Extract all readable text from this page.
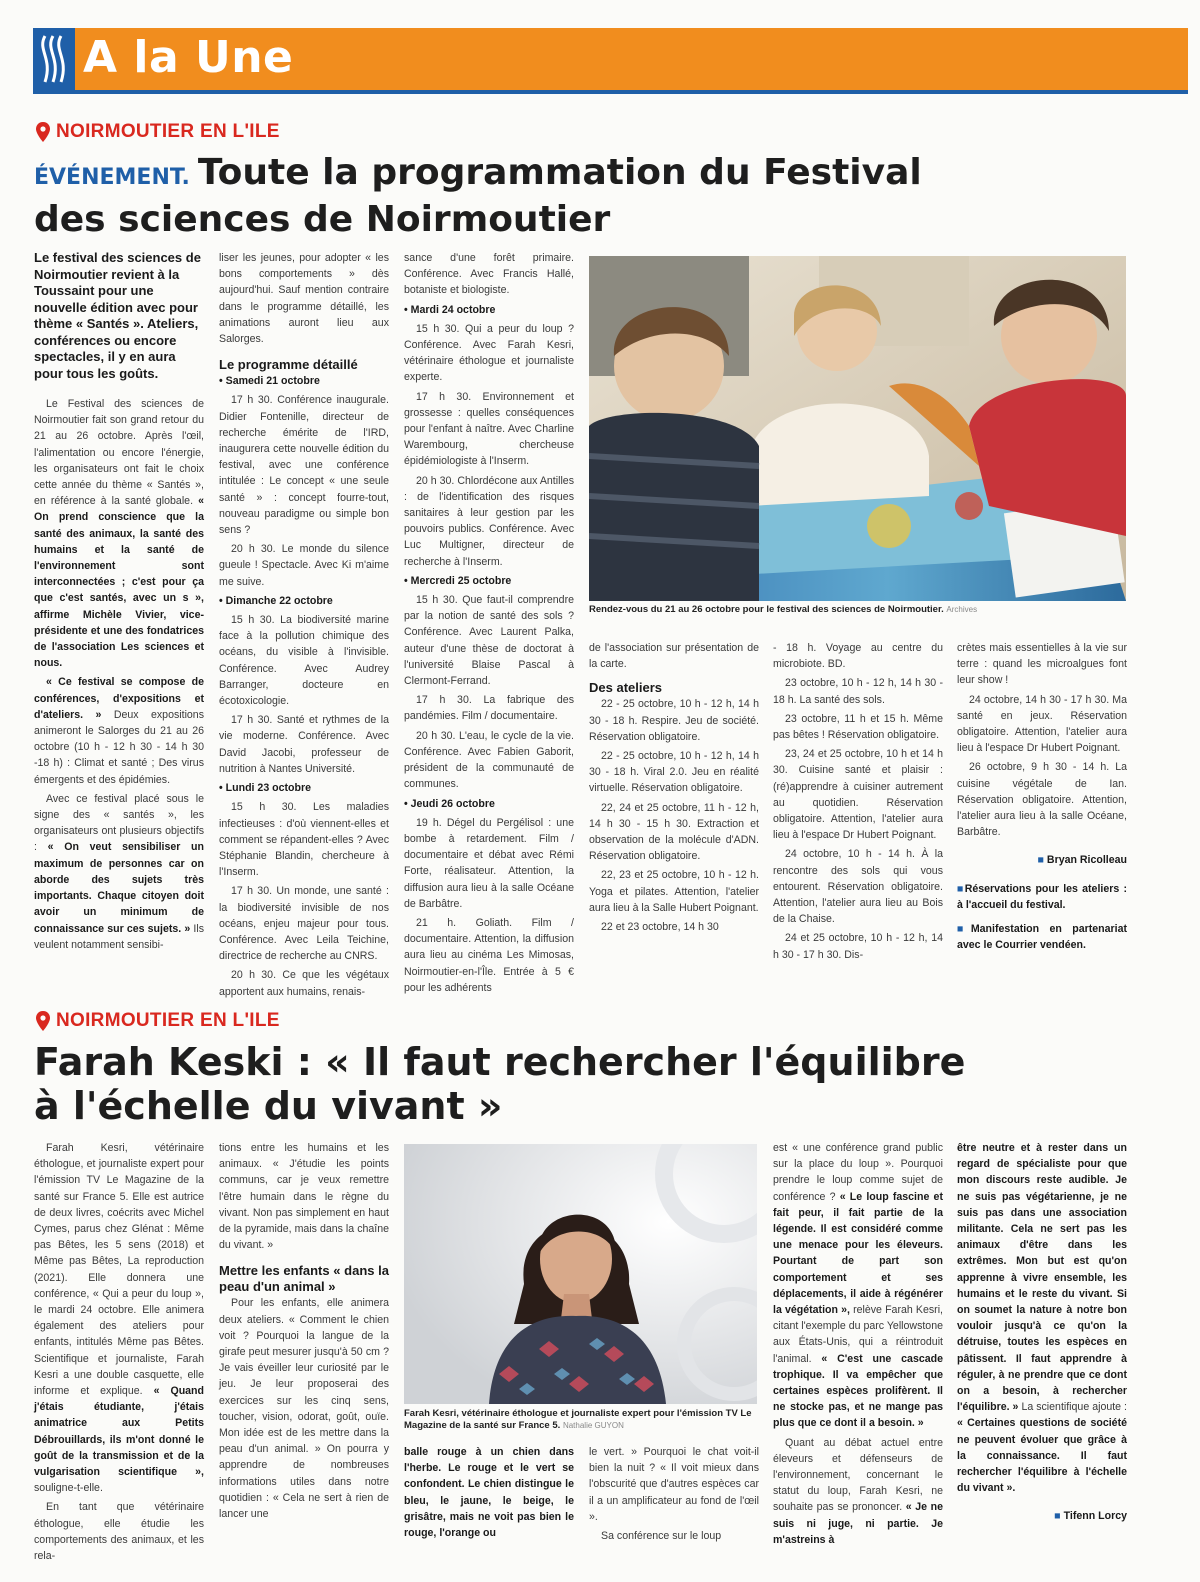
A la Une
NOIRMOUTIER EN L'ILE
ÉVÉNEMENT. Toute la programmation du Festival
des sciences de Noirmoutier

Le festival des sciences de Noirmoutier revient à la Toussaint pour une nouvelle édition avec pour thème « Santés ». Ateliers, conférences ou encore spectacles, il y en aura pour tous les goûts.

Le Festival des sciences de Noirmoutier fait son grand retour du 21 au 26 octobre. Après l'œil, l'alimentation ou encore l'énergie, les organisateurs ont fait le choix cette année du thème « Santés », en référence à la santé globale. « On prend conscience que la santé des animaux, la santé des humains et la santé de l'environnement sont interconnectées ; c'est pour ça que c'est santés, avec un s », affirme Michèle Vivier, vice-présidente et une des fondatrices de l'association Les sciences et nous.

« Ce festival se compose de conférences, d'expositions et d'ateliers. » Deux expositions animeront le Salorges du 21 au 26 octobre (10 h - 12 h 30 - 14 h 30 -18 h) : Climat et santé ; Des virus émergents et des épidémies.

Avec ce festival placé sous le signe des « santés », les organisateurs ont plusieurs objectifs : « On veut sensibiliser un maximum de personnes car on aborde des sujets très importants. Chaque citoyen doit avoir un minimum de connaissance sur ces sujets. » Ils veulent notamment sensibi-

liser les jeunes, pour adopter « les bons comportements » dès aujourd'hui. Sauf mention contraire dans le programme détaillé, les animations auront lieu aux Salorges.

Le programme détaillé

• Samedi 21 octobre

17 h 30. Conférence inaugurale. Didier Fontenille, directeur de recherche émérite de l'IRD, inaugurera cette nouvelle édition du festival, avec une conférence intitulée : Le concept « une seule santé » : concept fourre-tout, nouveau paradigme ou simple bon sens ?

20 h 30. Le monde du silence gueule ! Spectacle. Avec Ki m'aime me suive.

• Dimanche 22 octobre

15 h 30. La biodiversité marine face à la pollution chimique des océans, du visible à l'invisible. Conférence. Avec Audrey Barranger, docteure en écotoxicologie.

17 h 30. Santé et rythmes de la vie moderne. Conférence. Avec David Jacobi, professeur de nutrition à Nantes Université.

• Lundi 23 octobre

15 h 30. Les maladies infectieuses : d'où viennent-elles et comment se répandent-elles ? Avec Stéphanie Blandin, chercheure à l'Inserm.

17 h 30. Un monde, une santé : la biodiversité invisible de nos océans, enjeu majeur pour tous. Conférence. Avec Leila Teichine, directrice de recherche au CNRS.

20 h 30. Ce que les végétaux apportent aux humains, renais-

sance d'une forêt primaire. Conférence. Avec Francis Hallé, botaniste et biologiste.

• Mardi 24 octobre

15 h 30. Qui a peur du loup ? Conférence. Avec Farah Kesri, vétérinaire éthologue et journaliste experte.

17 h 30. Environnement et grossesse : quelles conséquences pour l'enfant à naître. Avec Charline Warembourg, chercheuse épidémiologiste à l'Inserm.

20 h 30. Chlordécone aux Antilles : de l'identification des risques sanitaires à leur gestion par les pouvoirs publics. Conférence. Avec Luc Multigner, directeur de recherche à l'Inserm.

• Mercredi 25 octobre

15 h 30. Que faut-il comprendre par la notion de santé des sols ? Conférence. Avec Laurent Palka, auteur d'une thèse de doctorat à l'université Blaise Pascal à Clermont-Ferrand.

17 h 30. La fabrique des pandémies. Film / documentaire.

20 h 30. L'eau, le cycle de la vie. Conférence. Avec Fabien Gaborit, président de la communauté de communes.

• Jeudi 26 octobre

19 h. Dégel du Pergélisol : une bombe à retardement. Film / documentaire et débat avec Rémi Forte, réalisateur. Attention, la diffusion aura lieu à la salle Océane de Barbâtre.

21 h. Goliath. Film / documentaire. Attention, la diffusion aura lieu au cinéma Les Mimosas, Noirmoutier-en-l'Île. Entrée à 5 € pour les adhérents

Rendez-vous du 21 au 26 octobre pour le festival des sciences de Noirmoutier. Archives

de l'association sur présentation de la carte.

Des ateliers

22 - 25 octobre, 10 h - 12 h, 14 h 30 - 18 h. Respire. Jeu de société. Réservation obligatoire.

22 - 25 octobre, 10 h - 12 h, 14 h 30 - 18 h. Viral 2.0. Jeu en réalité virtuelle. Réservation obligatoire.

22, 24 et 25 octobre, 11 h - 12 h, 14 h 30 - 15 h 30. Extraction et observation de la molécule d'ADN. Réservation obligatoire.

22, 23 et 25 octobre, 10 h - 12 h. Yoga et pilates. Attention, l'atelier aura lieu à la Salle Hubert Poignant.

22 et 23 octobre, 14 h 30

- 18 h. Voyage au centre du microbiote. BD.

23 octobre, 10 h - 12 h, 14 h 30 - 18 h. La santé des sols.

23 octobre, 11 h et 15 h. Même pas bêtes ! Réservation obligatoire.

23, 24 et 25 octobre, 10 h et 14 h 30. Cuisine santé et plaisir : (ré)apprendre à cuisiner autrement au quotidien. Réservation obligatoire. Attention, l'atelier aura lieu à l'espace Dr Hubert Poignant.

24 octobre, 10 h - 14 h. À la rencontre des sols qui vous entourent. Réservation obligatoire. Attention, l'atelier aura lieu au Bois de la Chaise.

24 et 25 octobre, 10 h - 12 h, 14 h 30 - 17 h 30. Dis-

crètes mais essentielles à la vie sur terre : quand les microalgues font leur show !

24 octobre, 14 h 30 - 17 h 30. Ma santé en jeux. Réservation obligatoire. Attention, l'atelier aura lieu à l'espace Dr Hubert Poignant.

26 octobre, 9 h 30 - 14 h. La cuisine végétale de Ian. Réservation obligatoire. Attention, l'atelier aura lieu à la salle Océane, Barbâtre.

■ Bryan Ricolleau

■ Réservations pour les ateliers : à l'accueil du festival.

■ Manifestation en partenariat avec le Courrier vendéen.

NOIRMOUTIER EN L'ILE
Farah Keski : « Il faut rechercher l'équilibre
à l'échelle du vivant »

Farah Kesri, vétérinaire éthologue, et journaliste expert pour l'émission TV Le Magazine de la santé sur France 5. Elle est autrice de deux livres, coécrits avec Michel Cymes, parus chez Glénat : Même pas Bêtes, les 5 sens (2018) et Même pas Bêtes, La reproduction (2021). Elle donnera une conférence, « Qui a peur du loup », le mardi 24 octobre. Elle animera également des ateliers pour enfants, intitulés Même pas Bêtes. Scientifique et journaliste, Farah Kesri a une double casquette, elle informe et explique. « Quand j'étais étudiante, j'étais animatrice aux Petits Débrouillards, ils m'ont donné le goût de la transmission et de la vulgarisation scientifique », souligne-t-elle.

En tant que vétérinaire éthologue, elle étudie les comportements des animaux, et les rela-

tions entre les humains et les animaux. « J'étudie les points communs, car je veux remettre l'être humain dans le règne du vivant. Non pas simplement en haut de la pyramide, mais dans la chaîne du vivant. »

Mettre les enfants « dans la peau d'un animal »

Pour les enfants, elle animera deux ateliers. « Comment le chien voit ? Pourquoi la langue de la girafe peut mesurer jusqu'à 50 cm ? Je vais éveiller leur curiosité par le jeu. Je leur proposerai des exercices sur les cinq sens, toucher, vision, odorat, goût, ouïe. Mon idée est de les mettre dans la peau d'un animal. » On pourra y apprendre de nombreuses informations utiles dans notre quotidien : « Cela ne sert à rien de lancer une

Farah Kesri, vétérinaire éthologue et journaliste expert pour l'émission TV Le Magazine de la santé sur France 5. Nathalie GUYON

balle rouge à un chien dans l'herbe. Le rouge et le vert se confondent. Le chien distingue le bleu, le jaune, le beige, le grisâtre, mais ne voit pas bien le rouge, l'orange ou

le vert. » Pourquoi le chat voit-il bien la nuit ? « Il voit mieux dans l'obscurité que d'autres espèces car il a un amplificateur au fond de l'œil ».

Sa conférence sur le loup

est « une conférence grand public sur la place du loup ». Pourquoi prendre le loup comme sujet de conférence ? « Le loup fascine et fait peur, il fait partie de la légende. Il est considéré comme une menace pour les éleveurs. Pourtant de part son comportement et ses déplacements, il aide à régénérer la végétation », relève Farah Kesri, citant l'exemple du parc Yellowstone aux États-Unis, qui a réintroduit l'animal. « C'est une cascade trophique. Il va empêcher que certaines espèces prolifèrent. Il ne stocke pas, et ne mange pas plus que ce dont il a besoin. »

Quant au débat actuel entre éleveurs et défenseurs de l'environnement, concernant le statut du loup, Farah Kesri, ne souhaite pas se prononcer. « Je ne suis ni juge, ni partie. Je m'astreins à

être neutre et à rester dans un regard de spécialiste pour que mon discours reste audible. Je ne suis pas végétarienne, je ne suis pas dans une association militante. Cela ne sert pas les animaux d'être dans les extrêmes. Mon but est qu'on apprenne à vivre ensemble, les humains et le reste du vivant. Si on soumet la nature à notre bon vouloir jusqu'à ce qu'on la détruise, toutes les espèces en pâtissent. Il faut apprendre à réguler, à ne prendre que ce dont on a besoin, à rechercher l'équilibre. » La scientifique ajoute : « Certaines questions de société ne peuvent évoluer que grâce à la connaissance. Il faut rechercher l'équilibre à l'échelle du vivant ».

■ Tifenn Lorcy
